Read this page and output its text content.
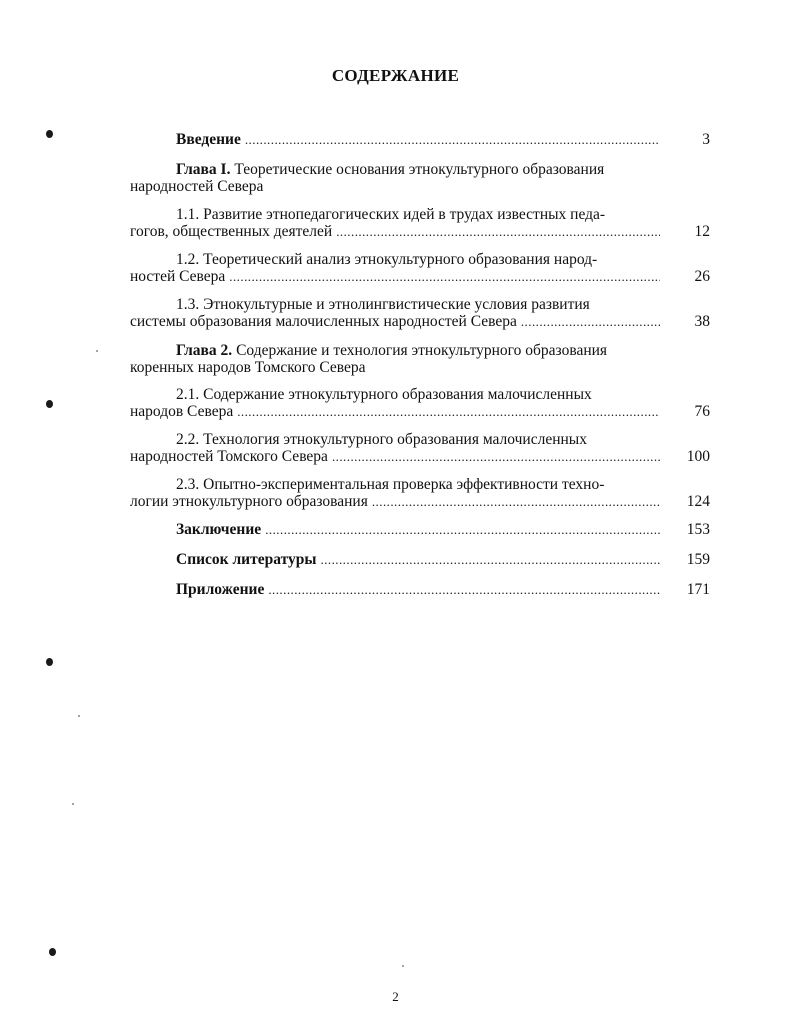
СОДЕРЖАНИЕ
Введение . . .	3
Глава I. Теоретические основания этнокультурного образования
народностей Севера
1.1. Развитие этнопедагогических идей в трудах известных педа-
гогов, общественных деятелей . . .	12
1.2. Теоретический анализ этнокультурного образования народ-
ностей Севера . . .	26
1.3. Этнокультурные и этнолингвистические условия развития
системы образования малочисленных народностей Севера . . .	38
Глава 2. Содержание и технология этнокультурного образования
коренных народов Томского Севера
2.1. Содержание этнокультурного образования малочисленных
народов Севера . . .	76
2.2. Технология этнокультурного образования малочисленных
народностей Томского Севера . . .	100
2.3. Опытно-экспериментальная проверка эффективности техно-
логии этнокультурного образования . . .	124
Заключение . . .	153
Список литературы . . .	159
Приложение . . .	171
2
